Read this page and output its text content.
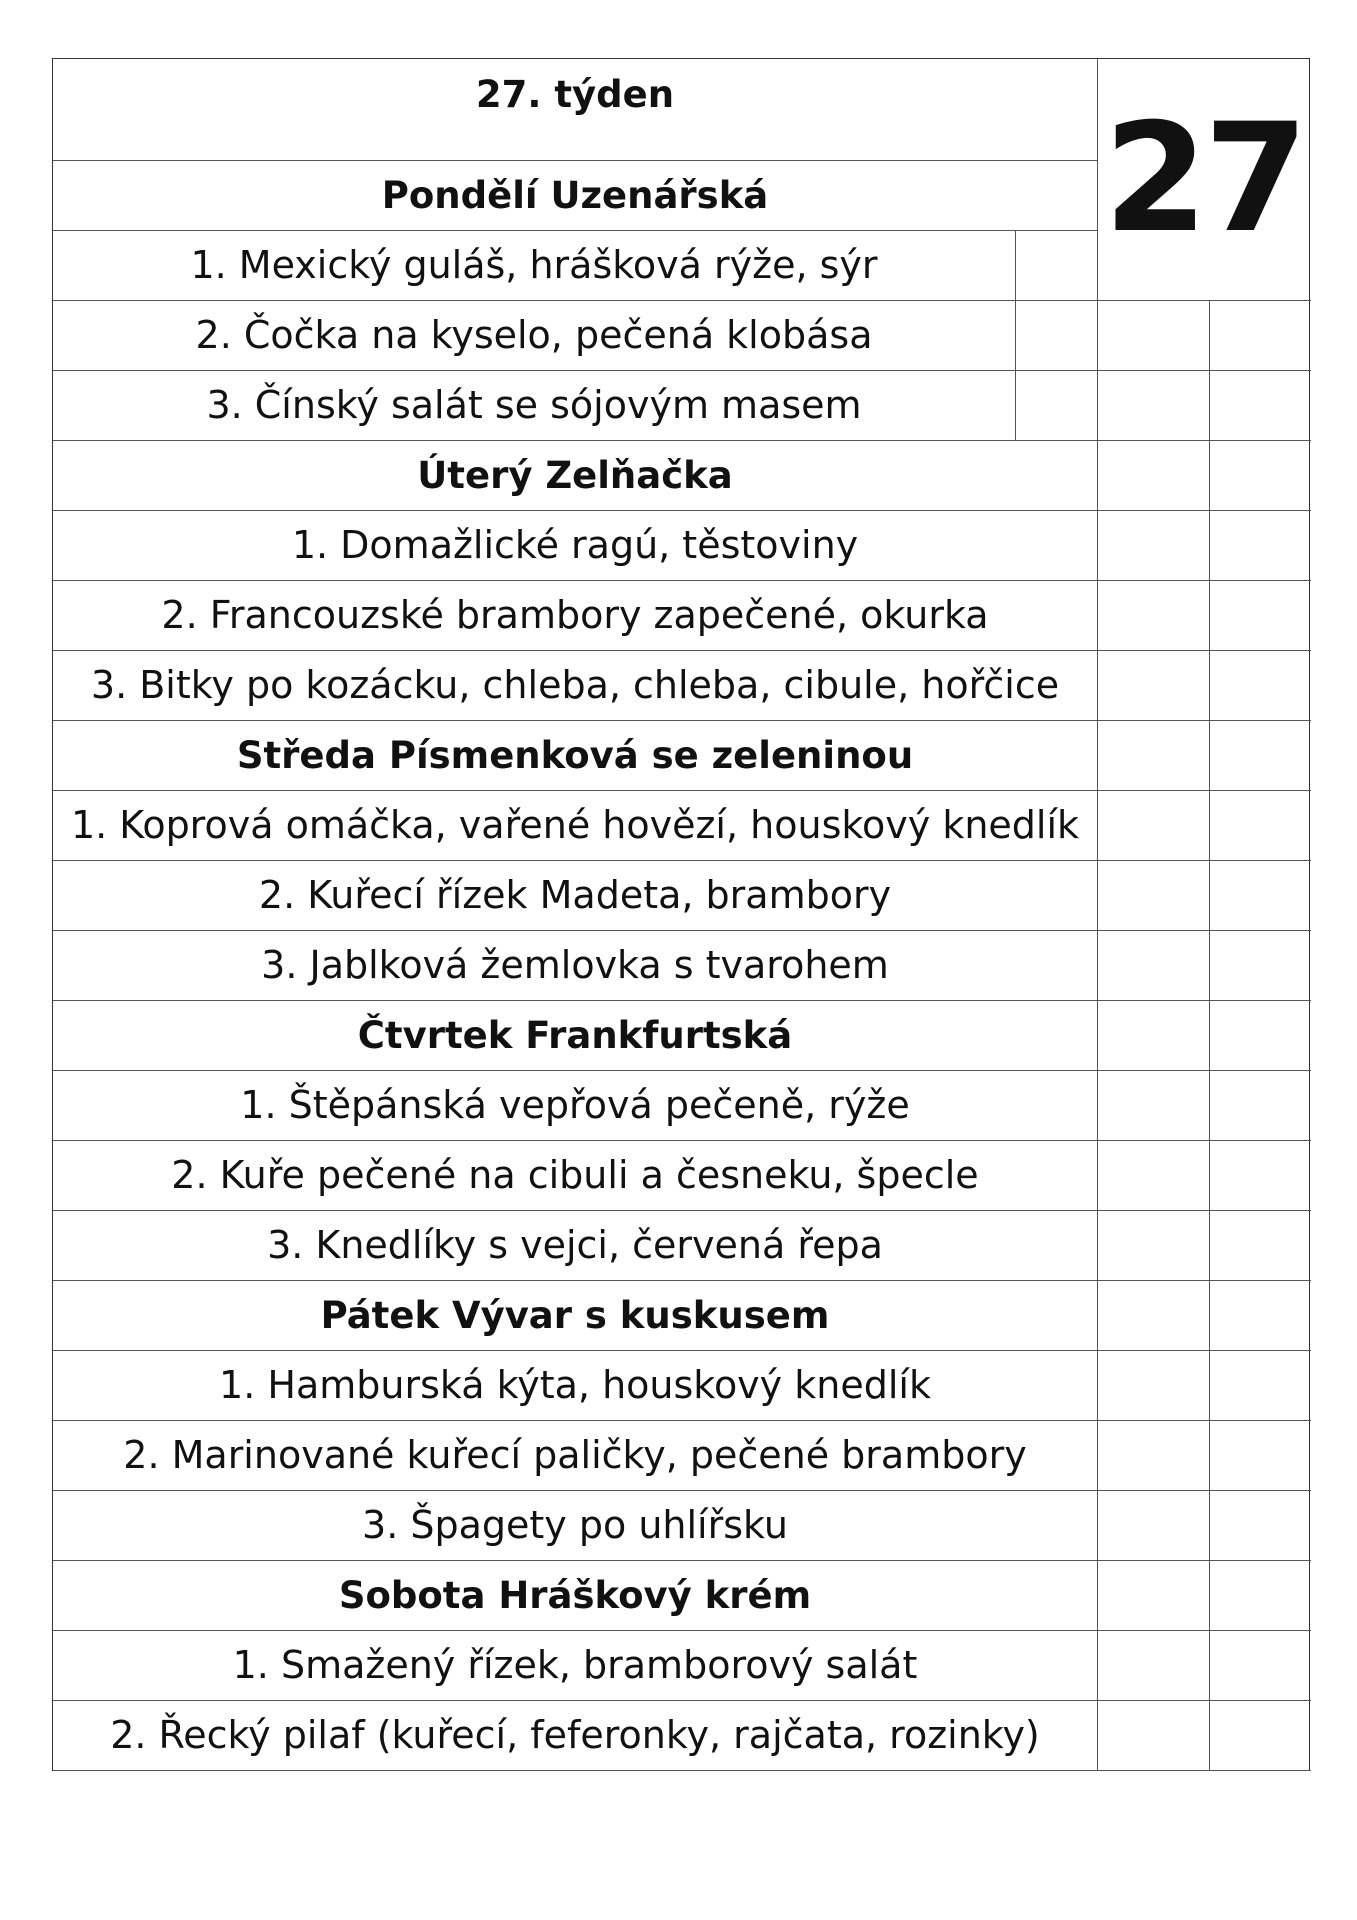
27. týden	27
Pondělí Uzenářská
1. Mexický guláš, hrášková rýže, sýr
2. Čočka na kyselo, pečená klobása
3. Čínský salát se sójovým masem
Úterý Zelňačka
1. Domažlické ragú, těstoviny
2. Francouzské brambory zapečené, okurka
3. Bitky po kozácku, chleba, chleba, cibule, hořčice
Středa Písmenková se zeleninou
1. Koprová omáčka, vařené hovězí, houskový knedlík
2. Kuřecí řízek Madeta, brambory
3. Jablková žemlovka s tvarohem
Čtvrtek Frankfurtská
1. Štěpánská vepřová pečeně, rýže
2. Kuře pečené na cibuli a česneku, špecle
3. Knedlíky s vejci, červená řepa
Pátek Vývar s kuskusem
1. Hamburská kýta, houskový knedlík
2. Marinované kuřecí paličky, pečené brambory
3. Špagety po uhlířsku
Sobota Hráškový krém
1. Smažený řízek, bramborový salát
2. Řecký pilaf (kuřecí, feferonky, rajčata, rozinky)
